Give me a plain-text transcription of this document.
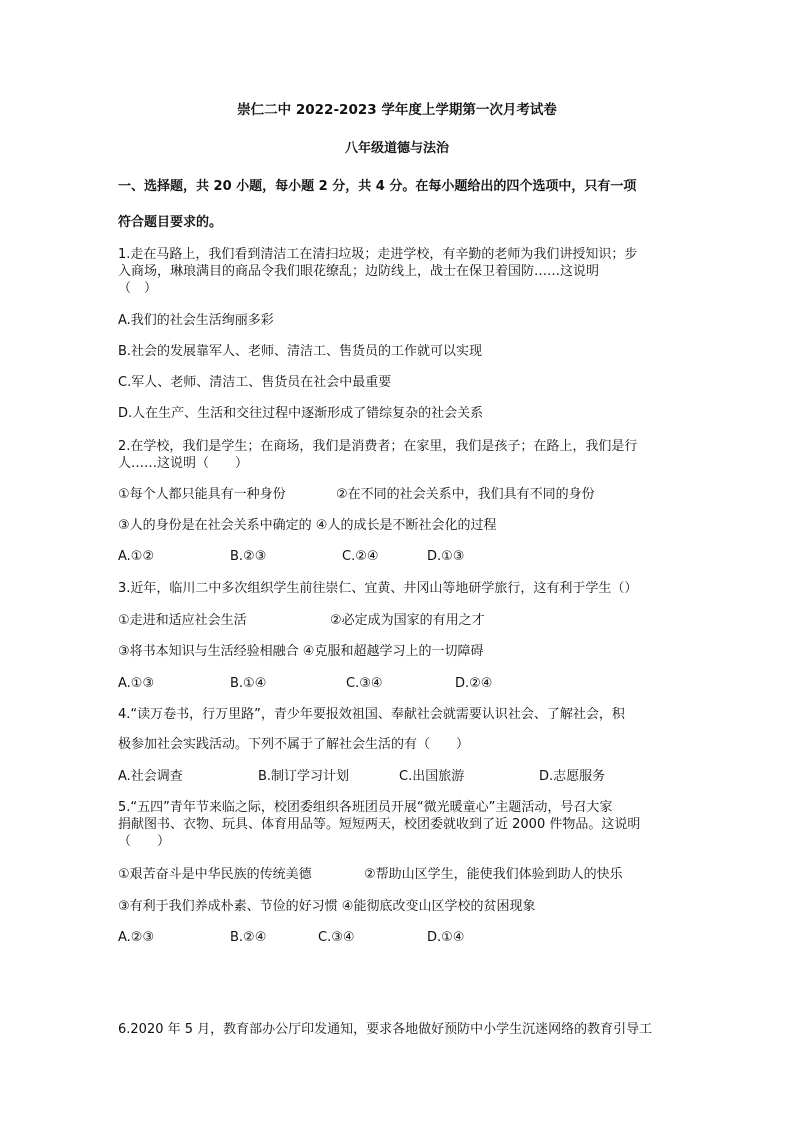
崇仁二中 2022-2023 学年度上学期第一次月考试卷
八年级道德与法治
一、选择题，共 20 小题，每小题 2 分，共 4 分。在每小题给出的四个选项中，只有一项
符合题目要求的。
1.走在马路上，我们看到清洁工在清扫垃圾；走进学校，有辛勤的老师为我们讲授知识；步
入商场，琳琅满目的商品令我们眼花缭乱；边防线上，战士在保卫着国防……这说明
（　）
A.我们的社会生活绚丽多彩
B.社会的发展靠军人、老师、清洁工、售货员的工作就可以实现
C.军人、老师、清洁工、售货员在社会中最重要
D.人在生产、生活和交往过程中逐渐形成了错综复杂的社会关系
2.在学校，我们是学生；在商场，我们是消费者；在家里，我们是孩子；在路上，我们是行
人……这说明（　　）
①每个人都只能具有一种身份	②在不同的社会关系中，我们具有不同的身份
③人的身份是在社会关系中确定的 ④人的成长是不断社会化的过程
A.①②	B.②③	C.②④	D.①③
3.近年，临川二中多次组织学生前往崇仁、宜黄、井冈山等地研学旅行，这有利于学生（）
①走进和适应社会生活	②必定成为国家的有用之才
③将书本知识与生活经验相融合 ④克服和超越学习上的一切障碍
A.①③	B.①④	C.③④	D.②④
4.“读万卷书，行万里路”，青少年要报效祖国、奉献社会就需要认识社会、了解社会，积
极参加社会实践活动。下列不属于了解社会生活的有（　　）
A.社会调查	B.制订学习计划	C.出国旅游	D.志愿服务
5.“五四”青年节来临之际，校团委组织各班团员开展“微光暖童心”主题活动，号召大家
捐献图书、衣物、玩具、体育用品等。短短两天，校团委就收到了近 2000 件物品。这说明
（　　）
①艰苦奋斗是中华民族的传统美德	②帮助山区学生，能使我们体验到助人的快乐
③有利于我们养成朴素、节俭的好习惯 ④能彻底改变山区学校的贫困现象
A.②③	B.②④	C.③④	D.①④
6.2020 年 5 月，教育部办公厅印发通知，要求各地做好预防中小学生沉迷网络的教育引导工
